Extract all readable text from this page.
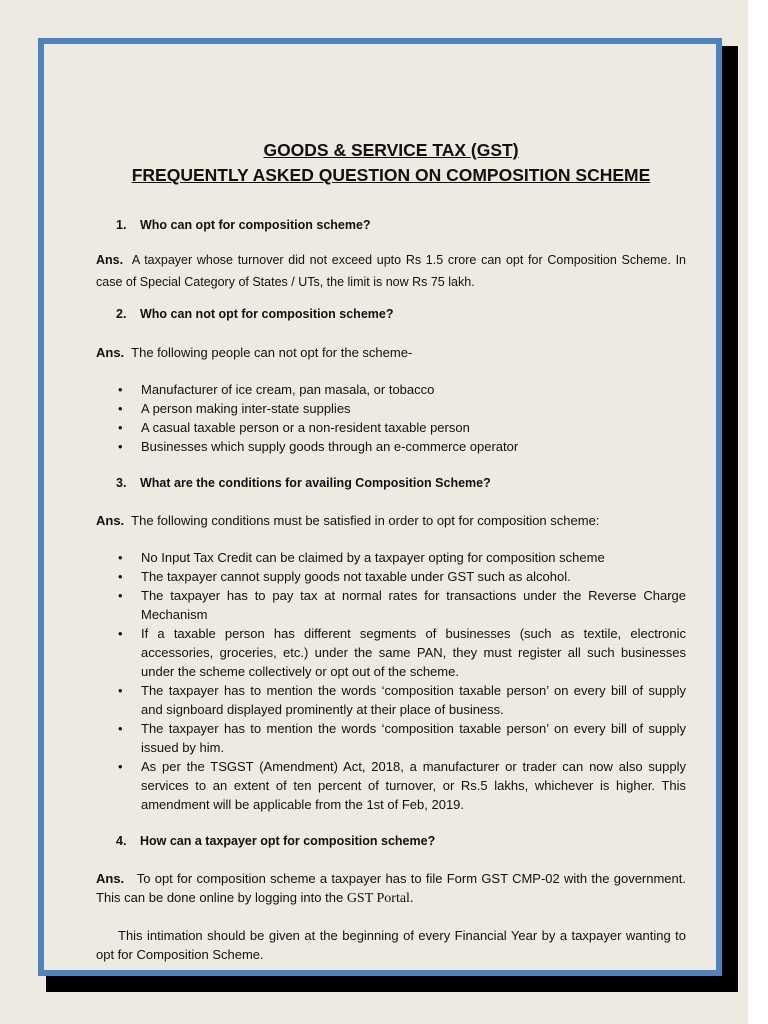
GOODS & SERVICE TAX (GST)
FREQUENTLY ASKED QUESTION ON COMPOSITION SCHEME
1. Who can opt for composition scheme?
Ans. A taxpayer whose turnover did not exceed upto Rs 1.5 crore can opt for Composition Scheme. In case of Special Category of States / UTs, the limit is now Rs 75 lakh.
2. Who can not opt for composition scheme?
Ans. The following people can not opt for the scheme-
• Manufacturer of ice cream, pan masala, or tobacco
• A person making inter-state supplies
• A casual taxable person or a non-resident taxable person
• Businesses which supply goods through an e-commerce operator
3. What are the conditions for availing Composition Scheme?
Ans. The following conditions must be satisfied in order to opt for composition scheme:
• No Input Tax Credit can be claimed by a taxpayer opting for composition scheme
• The taxpayer cannot supply goods not taxable under GST such as alcohol.
• The taxpayer has to pay tax at normal rates for transactions under the Reverse Charge Mechanism
• If a taxable person has different segments of businesses (such as textile, electronic accessories, groceries, etc.) under the same PAN, they must register all such businesses under the scheme collectively or opt out of the scheme.
• The taxpayer has to mention the words ‘composition taxable person’ on every bill of supply and signboard displayed prominently at their place of business.
• The taxpayer has to mention the words ‘composition taxable person’ on every bill of supply issued by him.
• As per the TSGST (Amendment) Act, 2018, a manufacturer or trader can now also supply services to an extent of ten percent of turnover, or Rs.5 lakhs, whichever is higher. This amendment will be applicable from the 1st of Feb, 2019.
4. How can a taxpayer opt for composition scheme?
Ans. To opt for composition scheme a taxpayer has to file Form GST CMP-02 with the government. This can be done online by logging into the GST Portal.
This intimation should be given at the beginning of every Financial Year by a taxpayer wanting to opt for Composition Scheme.
